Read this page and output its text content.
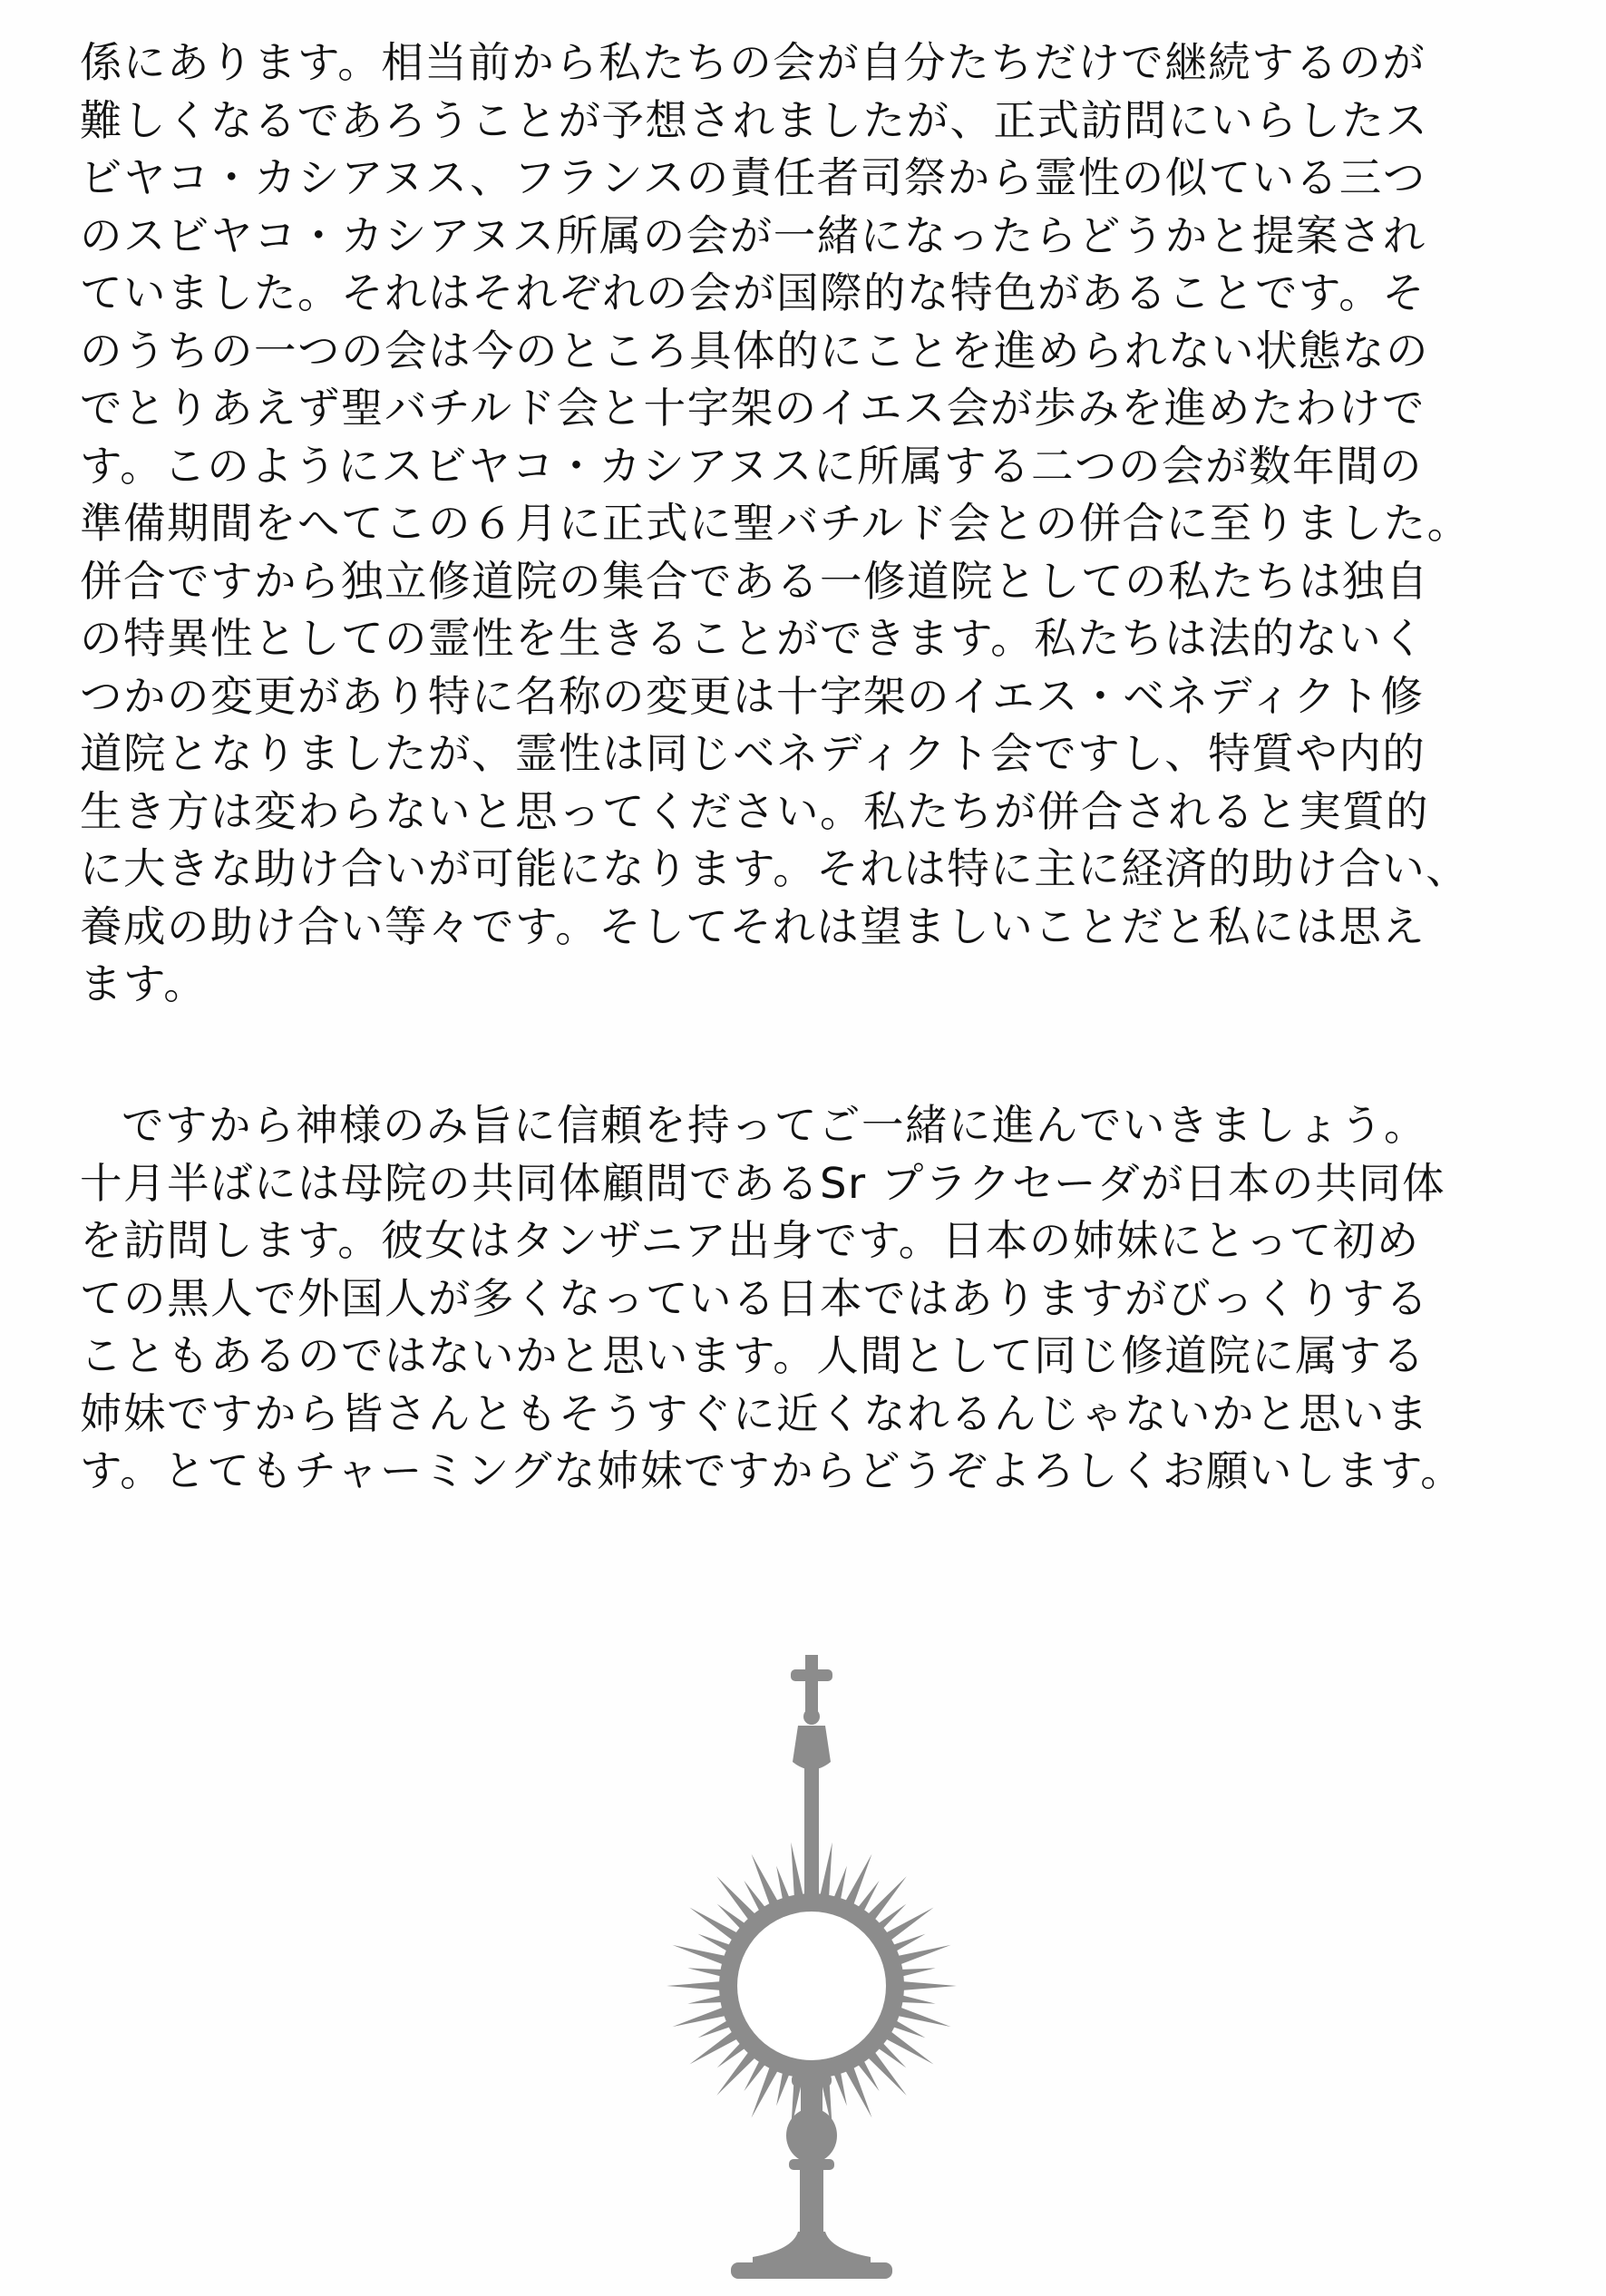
係にあります。相当前から私たちの会が自分たちだけで継続するのが
難しくなるであろうことが予想されましたが、正式訪問にいらしたス
ビヤコ・カシアヌス、フランスの責任者司祭から霊性の似ている三つ
のスビヤコ・カシアヌス所属の会が一緒になったらどうかと提案され
ていました。それはそれぞれの会が国際的な特色があることです。そ
のうちの一つの会は今のところ具体的にことを進められない状態なの
でとりあえず聖バチルド会と十字架のイエス会が歩みを進めたわけで
す。このようにスビヤコ・カシアヌスに所属する二つの会が数年間の
準備期間をへてこの６月に正式に聖バチルド会との併合に至りました。
併合ですから独立修道院の集合である一修道院としての私たちは独自
の特異性としての霊性を生きることができます。私たちは法的ないく
つかの変更があり特に名称の変更は十字架のイエス・ベネディクト修
道院となりましたが、霊性は同じベネディクト会ですし、特質や内的
生き方は変わらないと思ってください。私たちが併合されると実質的
に大きな助け合いが可能になります。それは特に主に経済的助け合い、
養成の助け合い等々です。そしてそれは望ましいことだと私には思え
ます。
ですから神様のみ旨に信頼を持ってご一緒に進んでいきましょう。
十月半ばには母院の共同体顧問であるSr プラクセーダが日本の共同体
を訪問します。彼女はタンザニア出身です。日本の姉妹にとって初め
ての黒人で外国人が多くなっている日本ではありますがびっくりする
こともあるのではないかと思います。人間として同じ修道院に属する
姉妹ですから皆さんともそうすぐに近くなれるんじゃないかと思いま
す。とてもチャーミングな姉妹ですからどうぞよろしくお願いします。
